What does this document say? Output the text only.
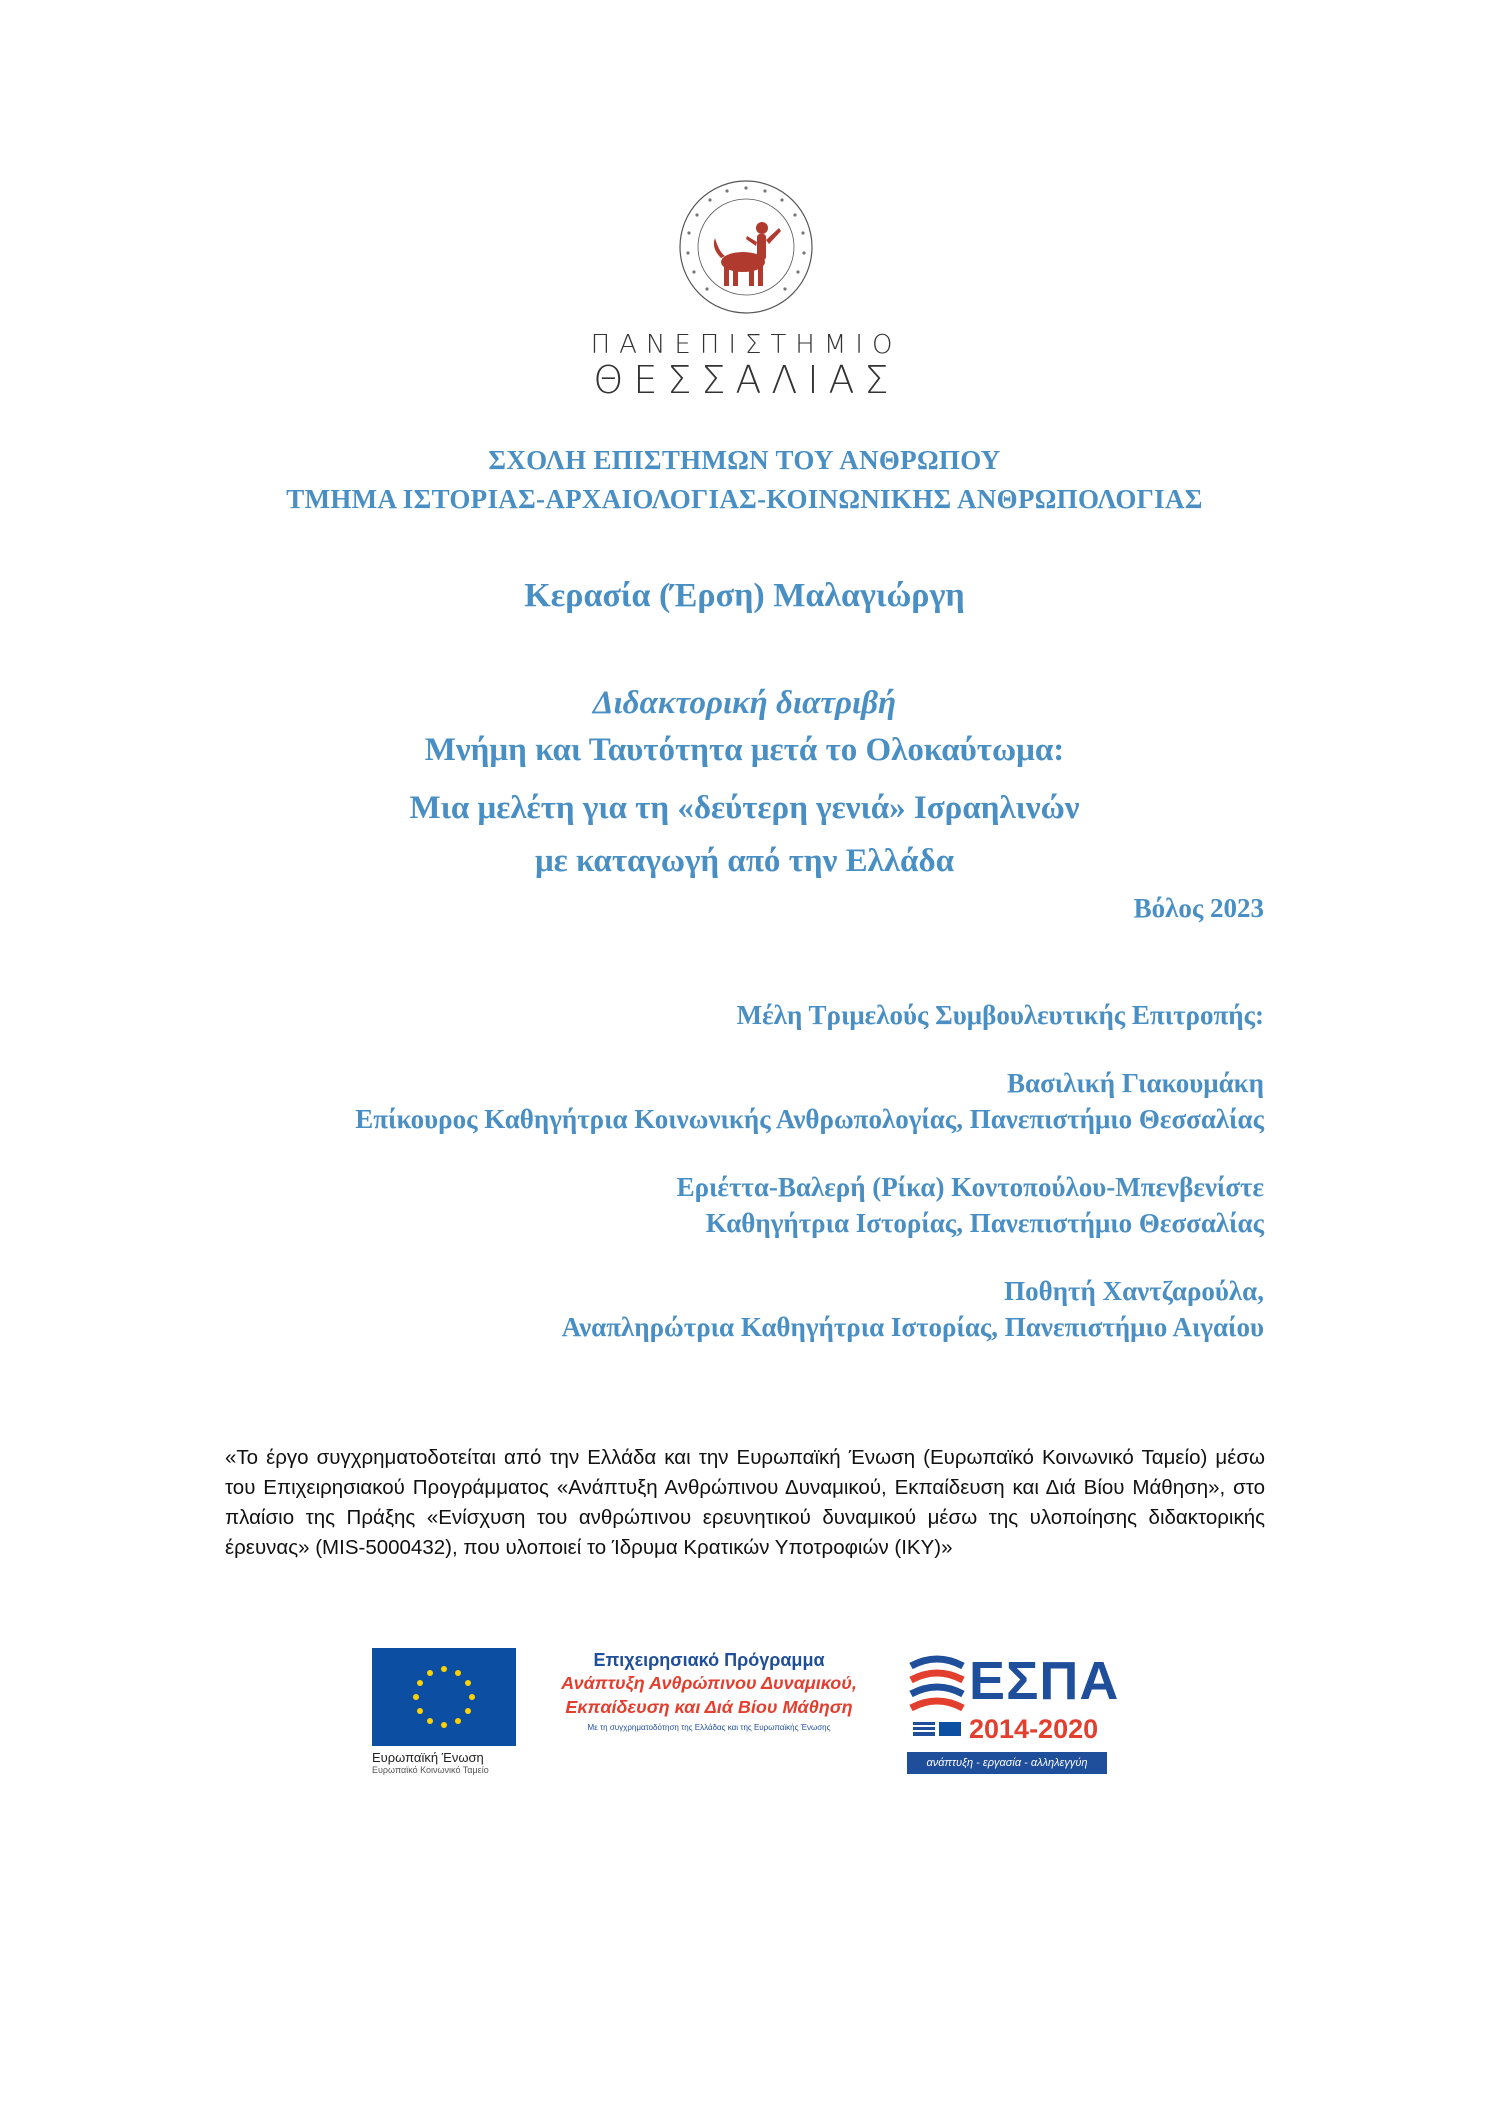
ΠΑΝΕΠΙΣΤΗΜΙΟ
ΘΕΣΣΑΛΙΑΣ
ΣΧΟΛΗ ΕΠΙΣΤΗΜΩΝ ΤΟΥ ΑΝΘΡΩΠΟΥ
ΤΜΗΜΑ ΙΣΤΟΡΙΑΣ-ΑΡΧΑΙΟΛΟΓΙΑΣ-ΚΟΙΝΩΝΙΚΗΣ ΑΝΘΡΩΠΟΛΟΓΙΑΣ
Κερασία (Έρση) Μαλαγιώργη
Διδακτορική διατριβή
Μνήμη και Ταυτότητα μετά το Ολοκαύτωμα:
Μια μελέτη για τη «δεύτερη γενιά» Ισραηλινών
με καταγωγή από την Ελλάδα
Βόλος 2023
Μέλη Τριμελούς Συμβουλευτικής Επιτροπής:
Βασιλική Γιακουμάκη
Επίκουρος Καθηγήτρια Κοινωνικής Ανθρωπολογίας, Πανεπιστήμιο Θεσσαλίας
Εριέττα-Βαλερή (Ρίκα) Κοντοπούλου-Μπενβενίστε
Καθηγήτρια Ιστορίας, Πανεπιστήμιο Θεσσαλίας
Ποθητή Χαντζαρούλα,
Αναπληρώτρια Καθηγήτρια Ιστορίας, Πανεπιστήμιο Αιγαίου
«Το έργο συγχρηματοδοτείται από την Ελλάδα και την Ευρωπαϊκή Ένωση (Ευρωπαϊκό Κοινωνικό Ταμείο) μέσω του Επιχειρησιακού Προγράμματος «Ανάπτυξη Ανθρώπινου Δυναμικού, Εκπαίδευση και Διά Βίου Μάθηση», στο πλαίσιο της Πράξης «Ενίσχυση του ανθρώπινου ερευνητικού δυναμικού μέσω της υλοποίησης διδακτορικής έρευνας» (MIS-5000432), που υλοποιεί το Ίδρυμα Κρατικών Υποτροφιών (ΙΚΥ)»
Ευρωπαϊκή Ένωση
Ευρωπαϊκό Κοινωνικό Ταμείο
Επιχειρησιακό Πρόγραμμα
Ανάπτυξη Ανθρώπινου Δυναμικού,
Εκπαίδευση και Διά Βίου Μάθηση
Με τη συγχρηματοδότηση της Ελλάδας και της Ευρωπαϊκής Ένωσης
ΕΣΠΑ
2014-2020
ανάπτυξη - εργασία - αλληλεγγύη
